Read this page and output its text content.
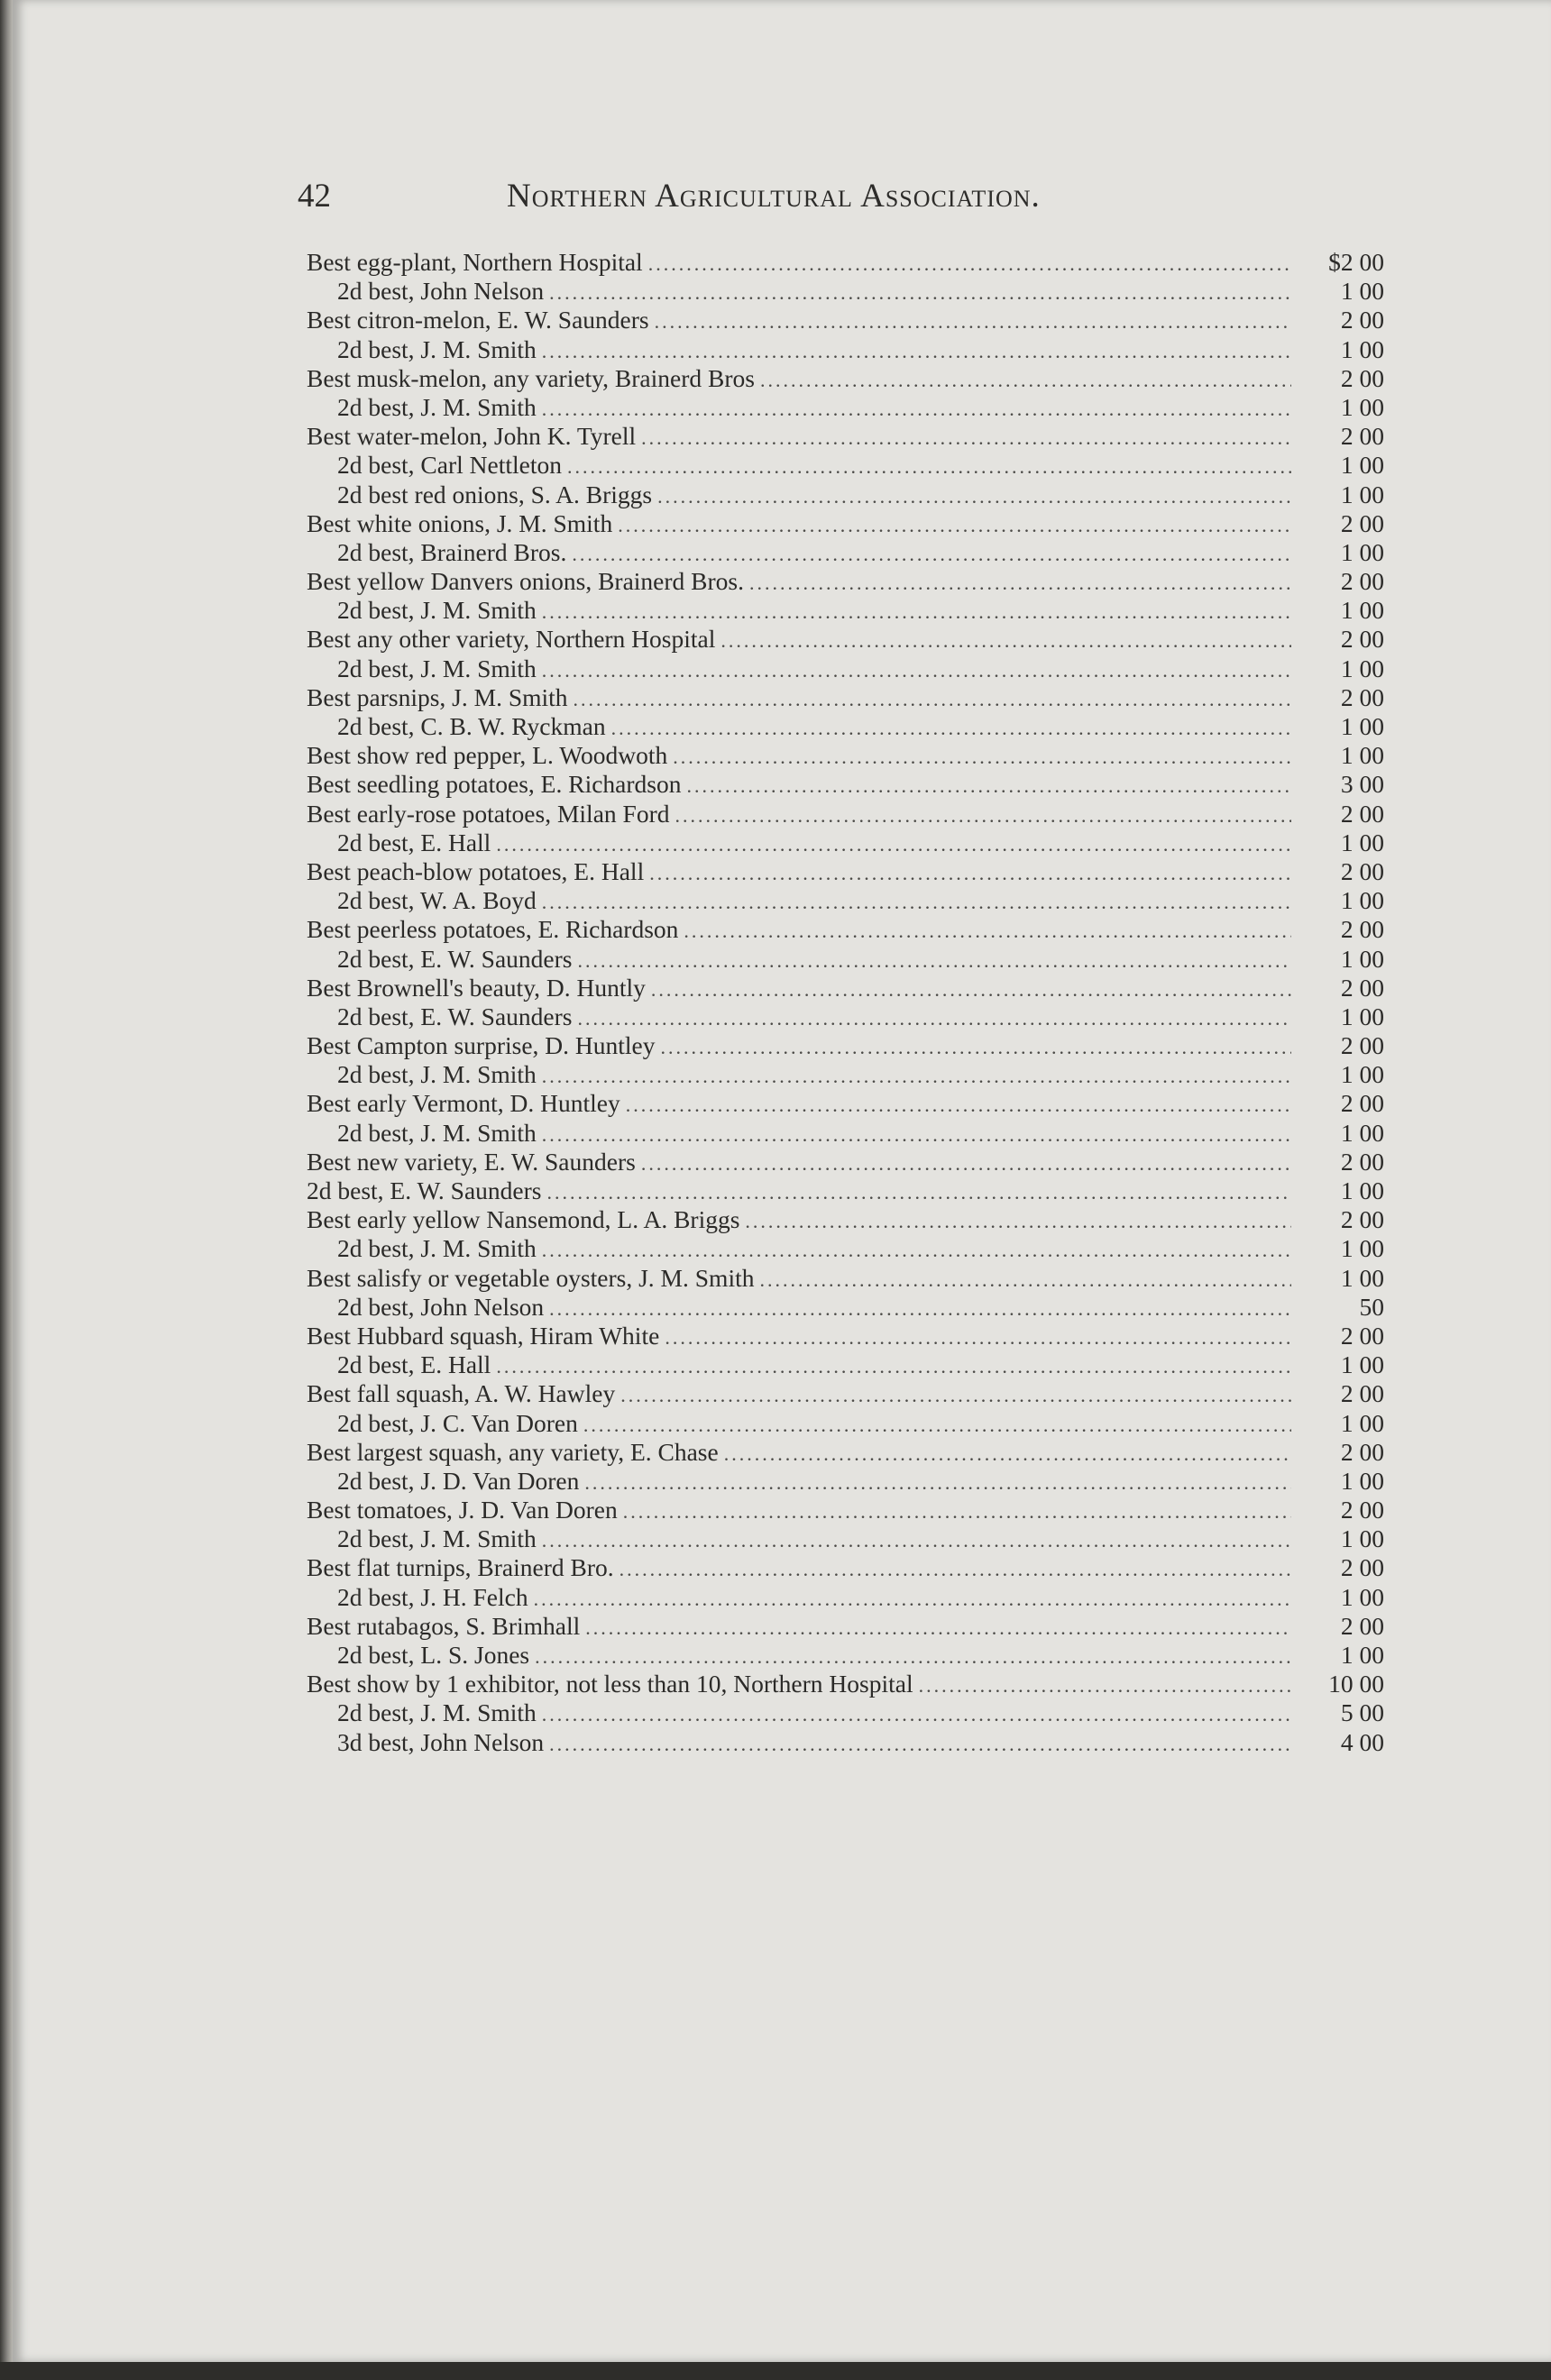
42	Northern Agricultural Association.
Best egg-plant, Northern Hospital .....	$2 00
2d best, John Nelson .....	1 00
Best citron-melon, E. W. Saunders .....	2 00
2d best, J. M. Smith .....	1 00
Best musk-melon, any variety, Brainerd Bros .....	2 00
2d best, J. M. Smith .....	1 00
Best water-melon, John K. Tyrell .....	2 00
2d best, Carl Nettleton .....	1 00
2d best red onions, S. A. Briggs .....	1 00
Best white onions, J. M. Smith .....	2 00
2d best, Brainerd Bros. .....	1 00
Best yellow Danvers onions, Brainerd Bros. .....	2 00
2d best, J. M. Smith .....	1 00
Best any other variety, Northern Hospital .....	2 00
2d best, J. M. Smith .....	1 00
Best parsnips, J. M. Smith .....	2 00
2d best, C. B. W. Ryckman .....	1 00
Best show red pepper, L. Woodwoth .....	1 00
Best seedling potatoes, E. Richardson .....	3 00
Best early-rose potatoes, Milan Ford .....	2 00
2d best, E. Hall .....	1 00
Best peach-blow potatoes, E. Hall .....	2 00
2d best, W. A. Boyd .....	1 00
Best peerless potatoes, E. Richardson .....	2 00
2d best, E. W. Saunders .....	1 00
Best Brownell's beauty, D. Huntly .....	2 00
2d best, E. W. Saunders .....	1 00
Best Campton surprise, D. Huntley .....	2 00
2d best, J. M. Smith .....	1 00
Best early Vermont, D. Huntley .....	2 00
2d best, J. M. Smith .....	1 00
Best new variety, E. W. Saunders .....	2 00
2d best, E. W. Saunders .....	1 00
Best early yellow Nansemond, L. A. Briggs .....	2 00
2d best, J. M. Smith .....	1 00
Best salisfy or vegetable oysters, J. M. Smith .....	1 00
2d best, John Nelson .....	50
Best Hubbard squash, Hiram White .....	2 00
2d best, E. Hall .....	1 00
Best fall squash, A. W. Hawley .....	2 00
2d best, J. C. Van Doren .....	1 00
Best largest squash, any variety, E. Chase .....	2 00
2d best, J. D. Van Doren .....	1 00
Best tomatoes, J. D. Van Doren .....	2 00
2d best, J. M. Smith .....	1 00
Best flat turnips, Brainerd Bro. .....	2 00
2d best, J. H. Felch .....	1 00
Best rutabagos, S. Brimhall .....	2 00
2d best, L. S. Jones .....	1 00
Best show by 1 exhibitor, not less than 10, Northern Hospital .....	10 00
2d best, J. M. Smith .....	5 00
3d best, John Nelson .....	4 00
